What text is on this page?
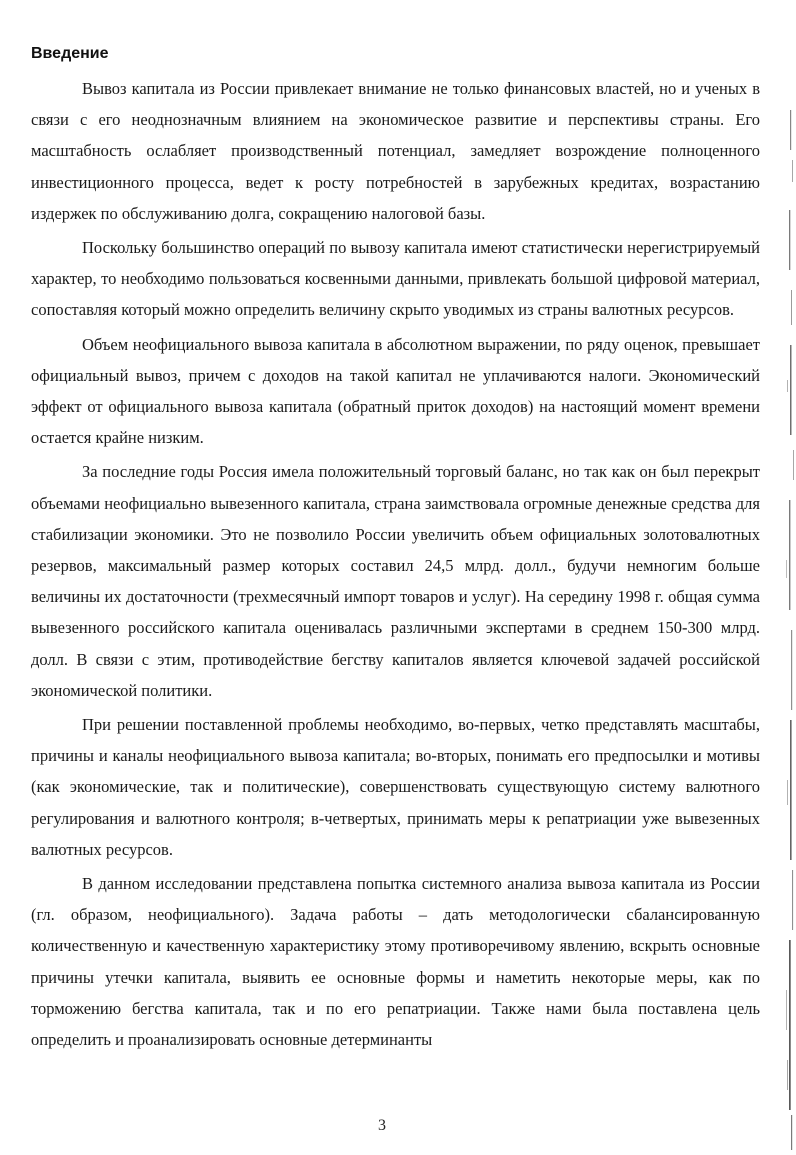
Введение

Вывоз капитала из России привлекает внимание не только финансовых властей, но и ученых в связи с его неоднозначным влиянием на экономическое развитие и перспективы страны. Его масштабность ослабляет производственный потенциал, замедляет возрождение полноценного инвестиционного процесса, ведет к росту потребностей в зарубежных кредитах, возрастанию издержек по обслуживанию долга, сокращению налоговой базы.

Поскольку большинство операций по вывозу капитала имеют статистически нерегистрируемый характер, то необходимо пользоваться косвенными данными, привлекать большой цифровой материал, сопоставляя который можно определить величину скрыто уводимых из страны валютных ресурсов.

Объем неофициального вывоза капитала в абсолютном выражении, по ряду оценок, превышает официальный вывоз, причем с доходов на такой капитал не уплачиваются налоги. Экономический эффект от официального вывоза капитала (обратный приток доходов) на настоящий момент времени остается крайне низким.

За последние годы Россия имела положительный торговый баланс, но так как он был перекрыт объемами неофициально вывезенного капитала, страна заимствовала огромные денежные средства для стабилизации экономики. Это не позволило России увеличить объем официальных золотовалютных резервов, максимальный размер которых составил 24,5 млрд. долл., будучи немногим больше величины их достаточности (трехмесячный импорт товаров и услуг). На середину 1998 г. общая сумма вывезенного российского капитала оценивалась различными экспертами в среднем 150-300 млрд. долл. В связи с этим, противодействие бегству капиталов является ключевой задачей российской экономической политики.

При решении поставленной проблемы необходимо, во-первых, четко представлять масштабы, причины и каналы неофициального вывоза капитала; во-вторых, понимать его предпосылки и мотивы (как экономические, так и политические), совершенствовать существующую систему валютного регулирования и валютного контроля; в-четвертых, принимать меры к репатриации уже вывезенных валютных ресурсов.

В данном исследовании представлена попытка системного анализа вывоза капитала из России (гл. образом, неофициального). Задача работы – дать методологически сбалансированную количественную и качественную характеристику этому противоречивому явлению, вскрыть основные причины утечки капитала, выявить ее основные формы и наметить некоторые меры, как по торможению бегства капитала, так и по его репатриации. Также нами была поставлена цель определить и проанализировать основные детерминанты

3
